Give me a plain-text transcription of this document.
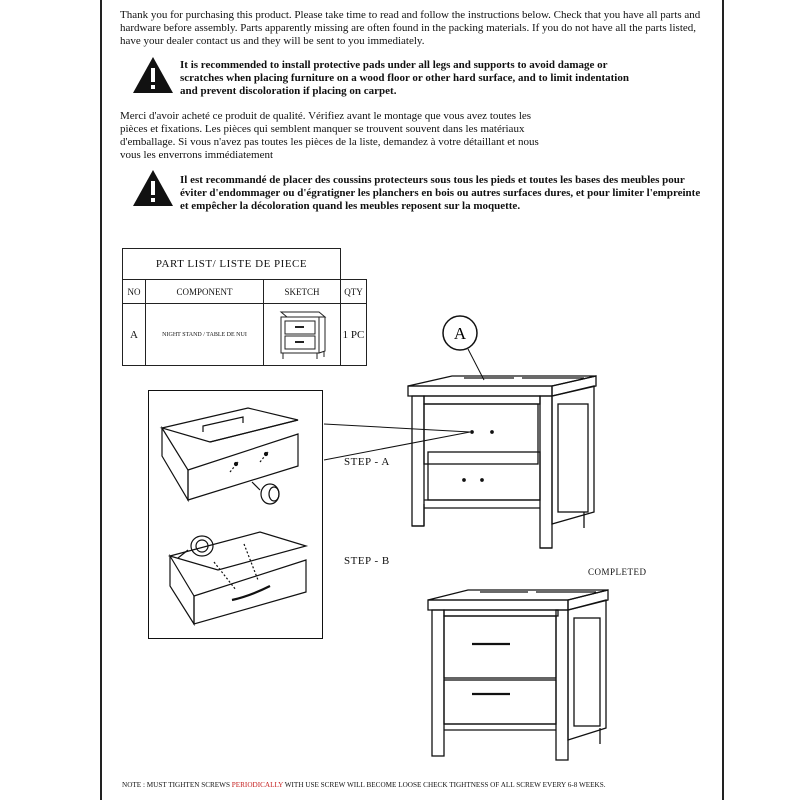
Thank you for purchasing this product. Please take time to read and follow the instructions below. Check that you have all parts and hardware before assembly. Parts apparently missing are often found in the packing materials. If you do not have all the parts listed, have your dealer contact us and they will be sent to you immediately.
It is recommended to install protective pads under all legs and supports to avoid damage or scratches when placing furniture on a wood floor or other hard surface, and to limit indentation and prevent discoloration if placing on carpet.
Merci d'avoir acheté ce produit de qualité. Vérifiez avant le montage que vous avez toutes les pièces et fixations. Les pièces qui semblent manquer se trouvent souvent dans les matériaux d'emballage. Si vous n'avez pas toutes les pièces de la liste, demandez à votre détaillant et nous vous les enverrons immédiatement
Il est recommandé de placer des coussins protecteurs sous tous les pieds et toutes les bases des meubles pour éviter d'endommager ou d'égratigner les planchers en bois ou autres surfaces dures, et pour limiter l'empreinte et empêcher la décoloration quand les meubles reposent sur la moquette.
PART LIST/ LISTE DE PIECE			
NO	COMPONENT	SKETCH	QTY
A	NIGHT STAND / TABLE DE NUI		1 PC	A
STEP - A
STEP - B
COMPLETED
NOTE : MUST TIGHTEN SCREWS PERIODICALLY WITH USE SCREW WILL BECOME LOOSE CHECK TIGHTNESS OF ALL SCREW EVERY 6-8 WEEKS.
